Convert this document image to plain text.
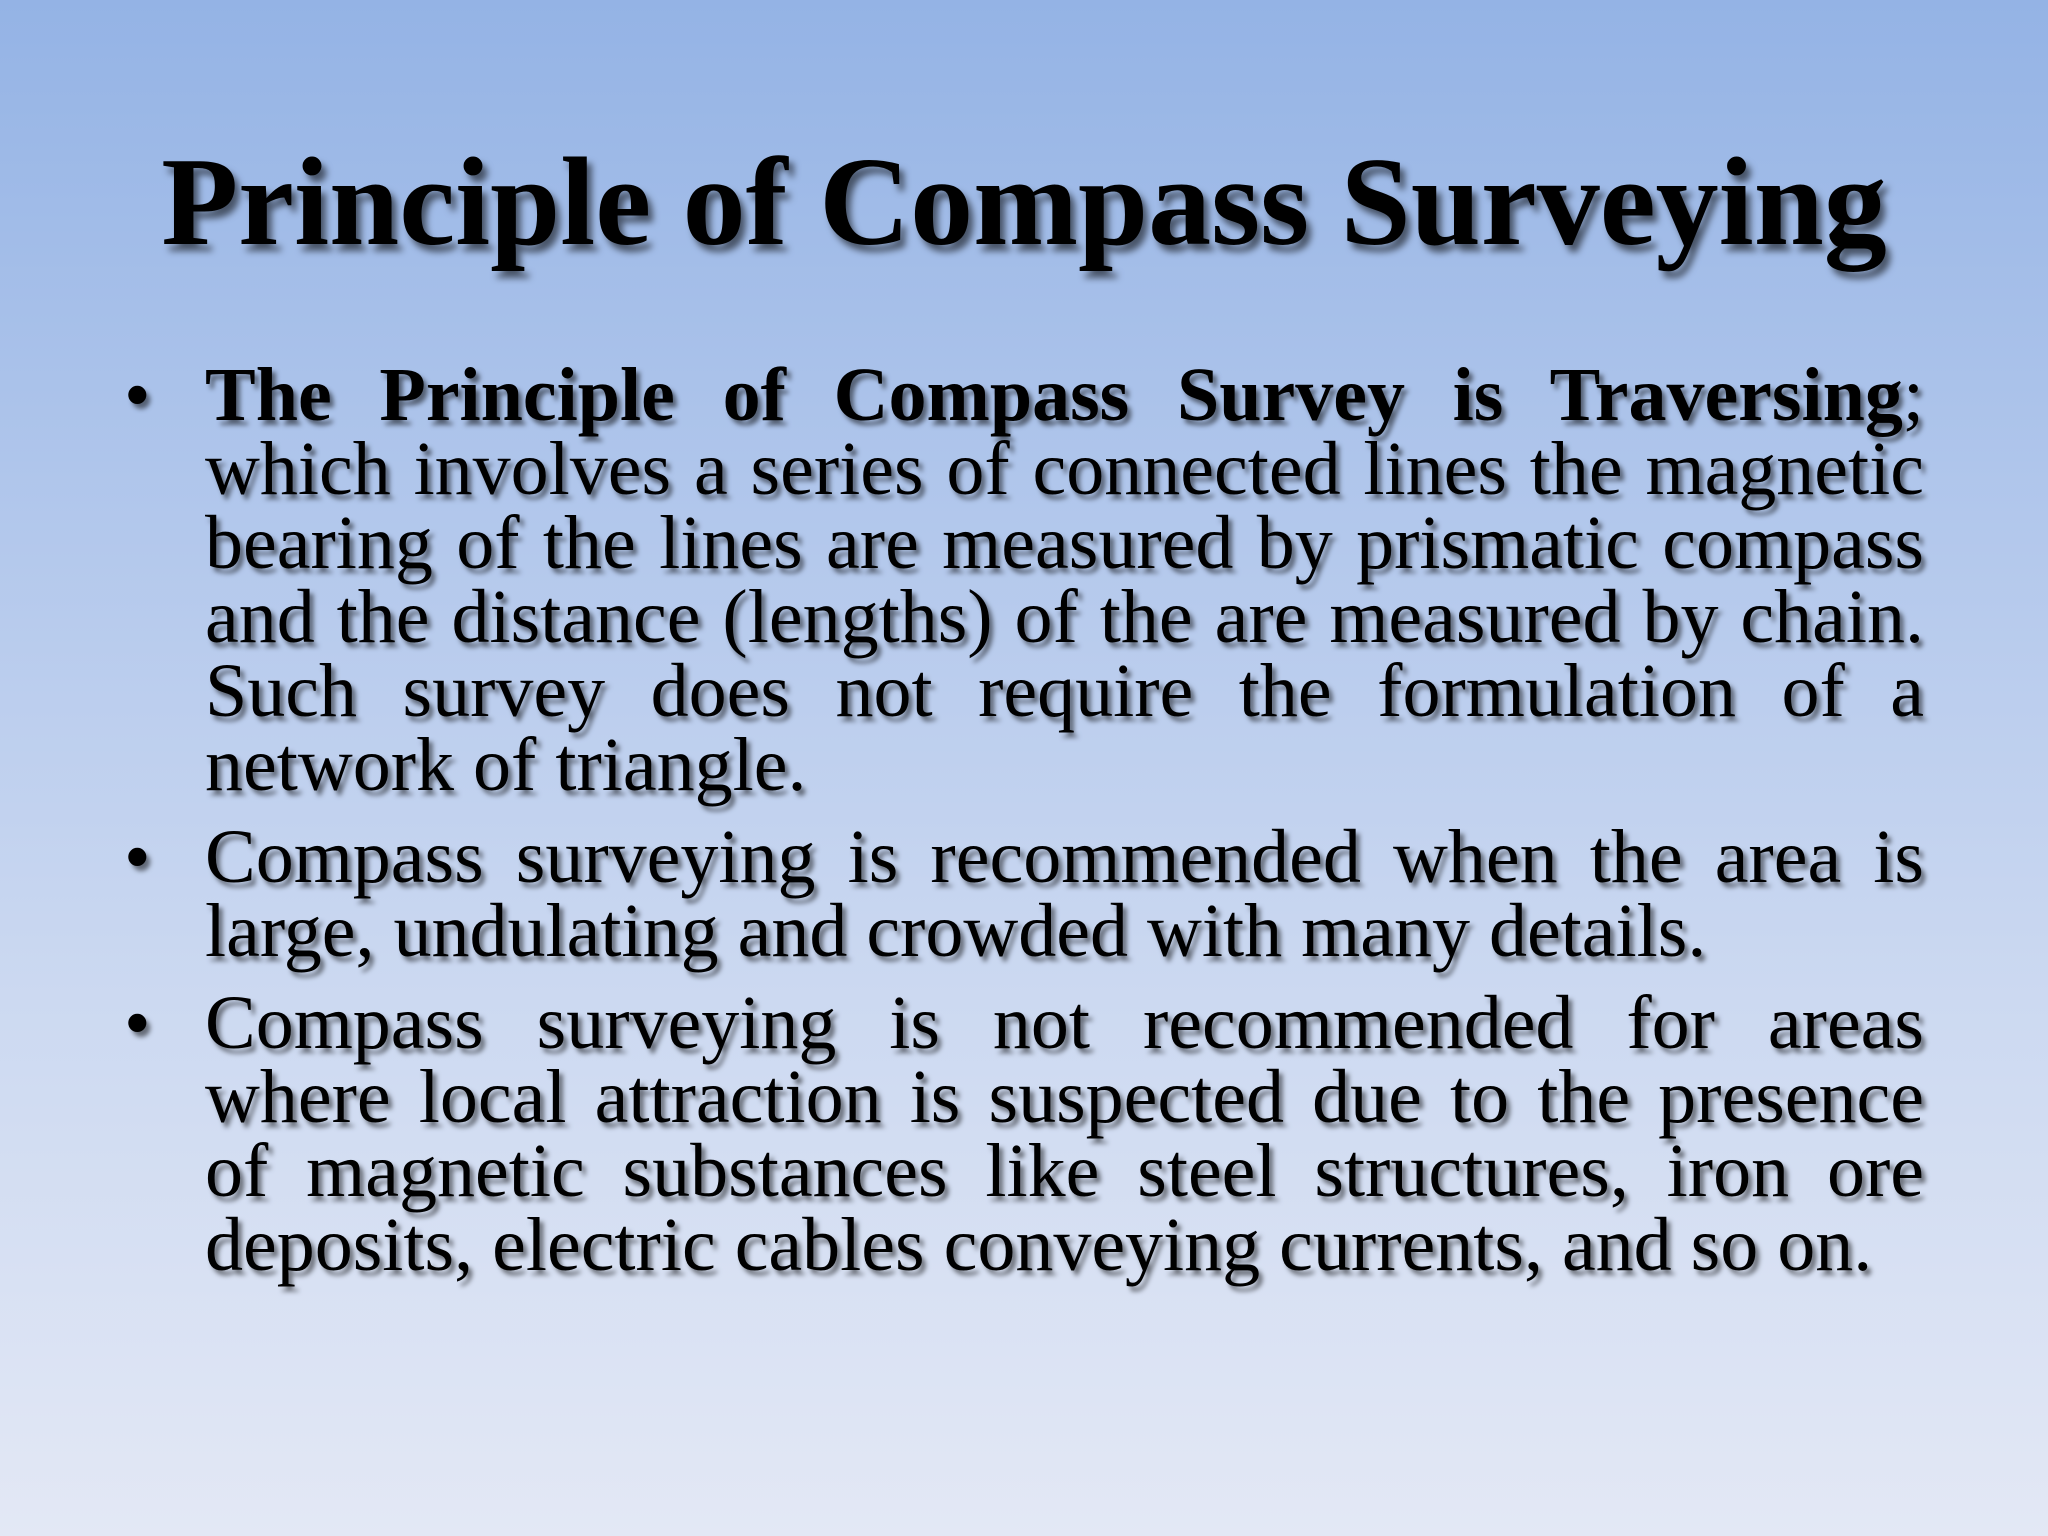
Principle of Compass Surveying
• The Principle of Compass Survey is Traversing; which involves a series of connected lines the magnetic bearing of the lines are measured by prismatic compass and the distance (lengths) of the are measured by chain. Such survey does not require the formulation of a network of triangle.
• Compass surveying is recommended when the area is large, undulating and crowded with many details.
• Compass surveying is not recommended for areas where local attraction is suspected due to the presence of magnetic substances like steel structures, iron ore deposits, electric cables conveying currents, and so on.
